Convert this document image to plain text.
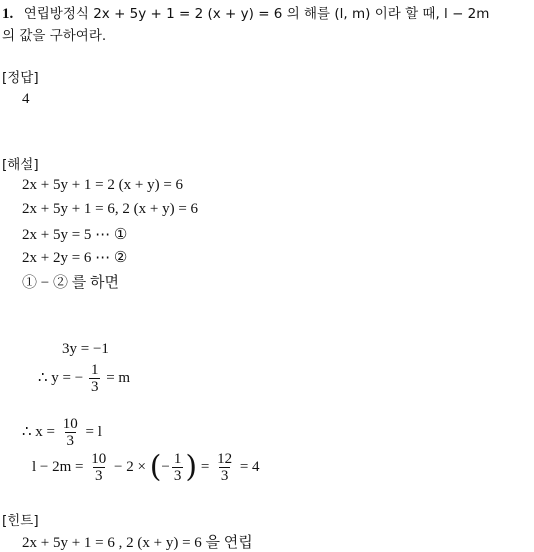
1. 연립방정식 2x + 5y + 1 = 2 (x + y) = 6 의 해를 (l, m) 이라 할 때, l − 2m
의 값을 구하여라.
[정답]
4
[해설]
2x + 5y + 1 = 2 (x + y) = 6
2x + 5y + 1 = 6, 2 (x + y) = 6
2x + 5y = 5 ⋯ ①
2x + 2y = 6 ⋯ ②
① − ② 를 하면
3y = −1
∴ y = − $\frac{1}{3} = m$
∴ $x = \frac{10}{3} = l$
$l - 2m = \frac{10}{3} - 2$ × (− $\frac{1}{3}$ ) = $\frac{12}{3} = 4$
[힌트]
2x + 5y + 1 = 6 , 2 (x + y) = 6 을 연립
